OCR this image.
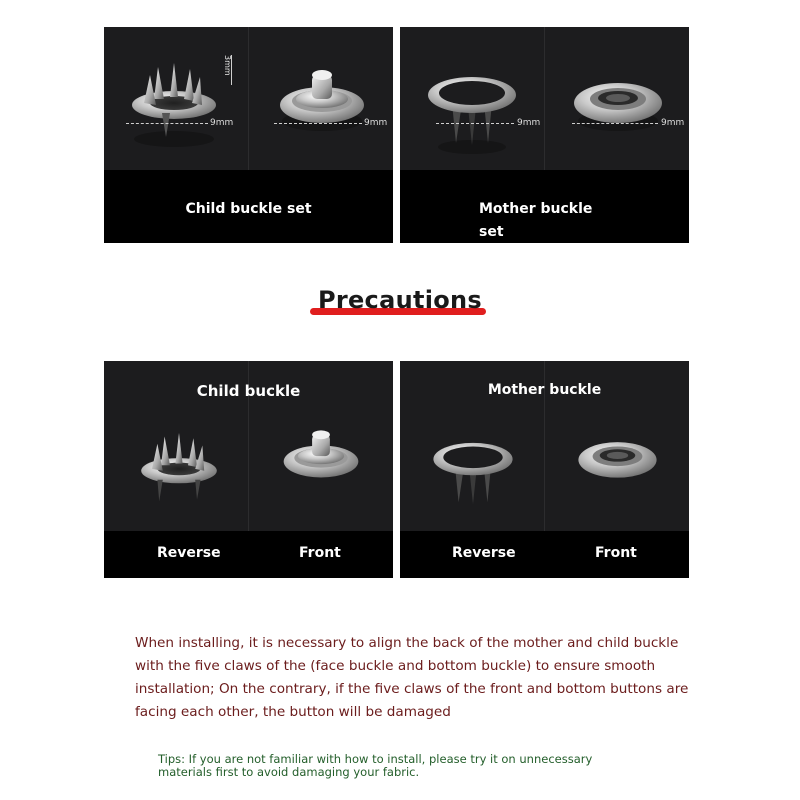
3mm
9mm	9mm
Child buckle set
9mm	9mm
Mother buckle
set
Precautions
Child buckle
Reverse	Front
Mother buckle
Reverse	Front
When installing, it is necessary to align the back of the mother and child buckle with the five claws of the (face buckle and bottom buckle) to ensure smooth installation; On the contrary, if the five claws of the front and bottom buttons are facing each other, the button will be damaged
Tips: If you are not familiar with how to install, please try it on unnecessary materials first to avoid damaging your fabric.
